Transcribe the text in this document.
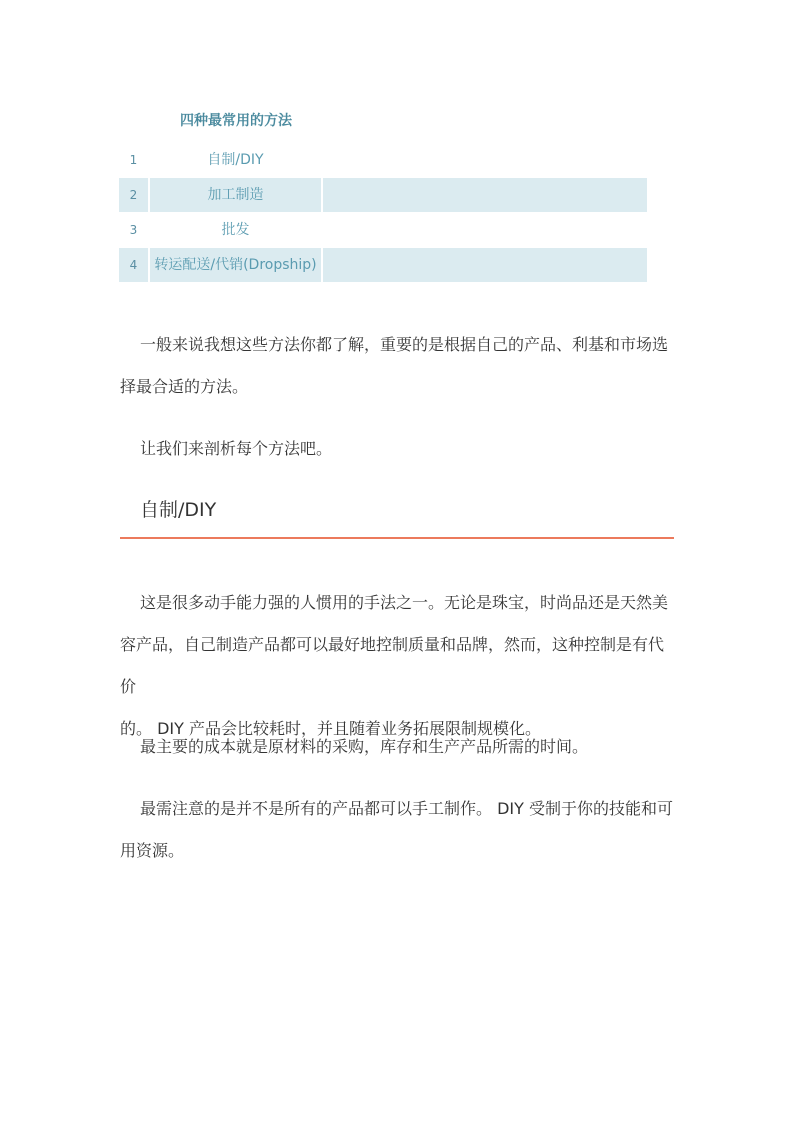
四种最常用的方法
1	自制/DIY
2	加工制造
3	批发
4	转运配送/代销(Dropship)
一般来说我想这些方法你都了解，重要的是根据自己的产品、利基和市场选
择最合适的方法。
让我们来剖析每个方法吧。
自制/DIY
这是很多动手能力强的人惯用的手法之一。无论是珠宝，时尚品还是天然美
容产品，自己制造产品都可以最好地控制质量和品牌，然而，这种控制是有代价
的。 DIY 产品会比较耗时，并且随着业务拓展限制规模化。
最主要的成本就是原材料的采购，库存和生产产品所需的时间。
最需注意的是并不是所有的产品都可以手工制作。 DIY 受制于你的技能和可
用资源。
